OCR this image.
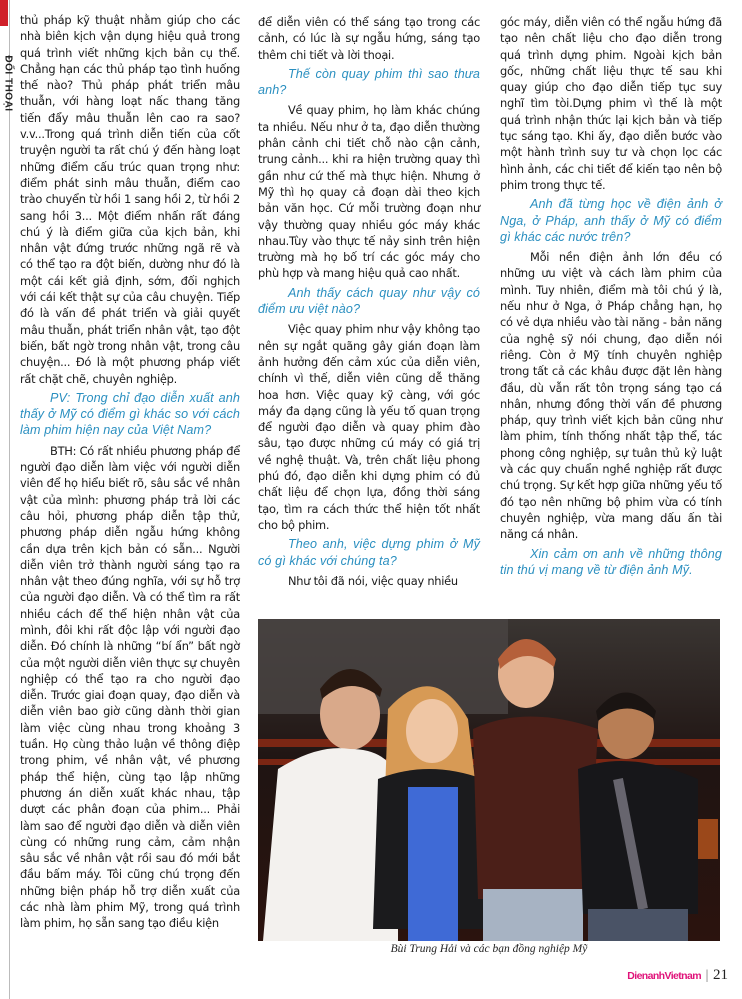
ĐỐI THOẠI

thủ pháp kỹ thuật nhằm giúp cho các nhà biên kịch vận dụng hiệu quả trong quá trình viết những kịch bản cụ thể. Chẳng hạn các thủ pháp tạo tình huống thế nào? Thủ pháp phát triển mâu thuẫn, với hàng loạt nấc thang tăng tiến đẩy mâu thuẫn lên cao ra sao? v.v...Trong quá trình diễn tiến của cốt truyện người ta rất chú ý đến hàng loạt những điểm cấu trúc quan trọng như: điểm phát sinh mâu thuẫn, điểm cao trào chuyển từ hồi 1 sang hồi 2, từ hồi 2 sang hồi 3... Một điểm nhấn rất đáng chú ý là điểm giữa của kịch bản, khi nhân vật đứng trước những ngã rẽ và có thể tạo ra đột biến, dường như đó là một cái kết giả định, sớm, đối nghịch với cái kết thật sự của câu chuyện. Tiếp đó là vấn đề phát triển và giải quyết mâu thuẫn, phát triển nhân vật, tạo đột biến, bất ngờ trong nhân vật, trong câu chuyện... Đó là một phương pháp viết rất chặt chẽ, chuyên nghiệp.

PV: Trong chỉ đạo diễn xuất anh thấy ở Mỹ có điểm gì khác so với cách làm phim hiện nay của Việt Nam?

BTH: Có rất nhiều phương pháp để người đạo diễn làm việc với người diễn viên để họ hiểu biết rõ, sâu sắc về nhân vật của mình: phương pháp trả lời các câu hỏi, phương pháp diễn tập thử, phương pháp diễn ngẫu hứng không cần dựa trên kịch bản có sẵn... Người diễn viên trở thành người sáng tạo ra nhân vật theo đúng nghĩa, với sự hỗ trợ của người đạo diễn. Và có thể tìm ra rất nhiều cách để thể hiện nhân vật của mình, đôi khi rất độc lập với người đạo diễn. Đó chính là những “bí ẩn” bất ngờ của một người diễn viên thực sự chuyên nghiệp có thể tạo ra cho người đạo diễn. Trước giai đoạn quay, đạo diễn và diễn viên bao giờ cũng dành thời gian làm việc cùng nhau trong khoảng 3 tuần. Họ cùng thảo luận về thông điệp trong phim, về nhân vật, về phương pháp thể hiện, cùng tạo lập những phương án diễn xuất khác nhau, tập dượt các phân đoạn của phim... Phải làm sao để người đạo diễn và diễn viên cùng có những rung cảm, cảm nhận sâu sắc về nhân vật rồi sau đó mới bắt đầu bấm máy. Tôi cũng chú trọng đến những biện pháp hỗ trợ diễn xuất của các nhà làm phim Mỹ, trong quá trình làm phim, họ sẵn sang tạo điều kiện

để diễn viên có thể sáng tạo trong các cảnh, có lúc là sự ngẫu hứng, sáng tạo thêm chi tiết và lời thoại.

Thế còn quay phim thì sao thưa anh?

Về quay phim, họ làm khác chúng ta nhiều. Nếu như ở ta, đạo diễn thường phân cảnh chi tiết chỗ nào cận cảnh, trung cảnh... khi ra hiện trường quay thì gần như cứ thế mà thực hiện. Nhưng ở Mỹ thì họ quay cả đoạn dài theo kịch bản văn học. Cứ mỗi trường đoạn như vậy thường quay nhiều góc máy khác nhau.Tùy vào thực tế nảy sinh trên hiện trường mà họ bố trí các góc máy cho phù hợp và mang hiệu quả cao nhất.

Anh thấy cách quay như vậy có điểm ưu việt nào?

Việc quay phim như vậy không tạo nên sự ngắt quãng gây gián đoạn làm ảnh hưởng đến cảm xúc của diễn viên, chính vì thế, diễn viên cũng dễ thăng hoa hơn. Việc quay kỹ càng, với góc máy đa dạng cũng là yếu tố quan trọng để người đạo diễn và quay phim đào sâu, tạo được những cú máy có giá trị về nghệ thuật. Và, trên chất liệu phong phú đó, đạo diễn khi dựng phim có đủ chất liệu để chọn lựa, đồng thời sáng tạo, tìm ra cách thức thể hiện tốt nhất cho bộ phim.

Theo anh, việc dựng phim ở Mỹ có gì khác với chúng ta?

Như tôi đã nói, việc quay nhiều

góc máy, diễn viên có thể ngẫu hứng đã tạo nên chất liệu cho đạo diễn trong quá trình dựng phim. Ngoài kịch bản gốc, những chất liệu thực tế sau khi quay giúp cho đạo diễn tiếp tục suy nghĩ tìm tòi.Dựng phim vì thế là một quá trình nhận thức lại kịch bản và tiếp tục sáng tạo. Khi ấy, đạo diễn bước vào một hành trình suy tư và chọn lọc các hình ảnh, các chi tiết để kiến tạo nên bộ phim trong thực tế.

Anh đã từng học về điện ảnh ở Nga, ở Pháp, anh thấy ở Mỹ có điểm gì khác các nước trên?

Mỗi nền điện ảnh lớn đều có những ưu việt và cách làm phim của mình. Tuy nhiên, điểm mà tôi chú ý là, nếu như ở Nga, ở Pháp chẳng hạn, họ có vẻ dựa nhiều vào tài năng - bản năng của nghệ sỹ nói chung, đạo diễn nói riêng. Còn ở Mỹ tính chuyên nghiệp trong tất cả các khâu được đặt lên hàng đầu, dù vẫn rất tôn trọng sáng tạo cá nhân, nhưng đồng thời vấn đề phương pháp, quy trình viết kịch bản cũng như làm phim, tính thống nhất tập thể, tác phong công nghiệp, sự tuân thủ kỷ luật và các quy chuẩn nghề nghiệp rất được chú trọng. Sự kết hợp giữa những yếu tố đó tạo nên những bộ phim vừa có tính chuyên nghiệp, vừa mang dấu ấn tài năng cá nhân.

Xin cảm ơn anh về những thông tin thú vị mang về từ điện ảnh Mỹ.

Bùi Trung Hải và các bạn đồng nghiệp Mỹ
DienanhVietnam | 21
